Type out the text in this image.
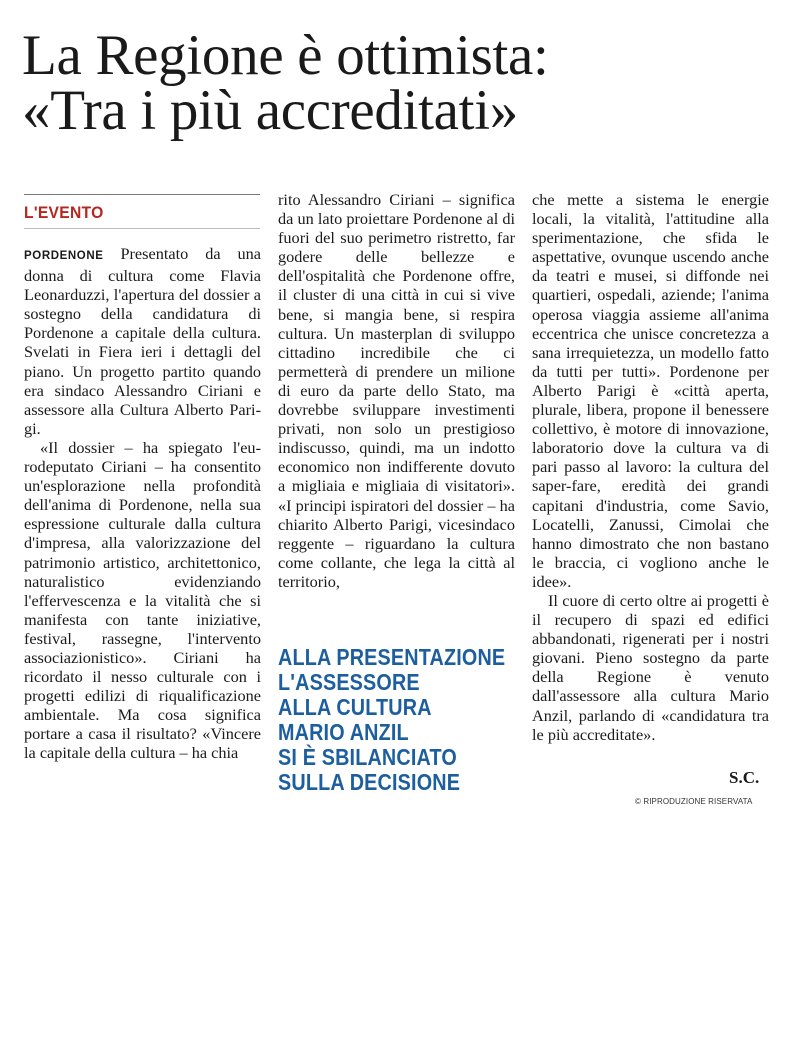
La Regione è ottimista:
«Tra i più accreditati»
L'EVENTO

PORDENONE Presentato da una donna di cultura come Flavia Leonarduzzi, l'apertura del dossier a sostegno della candidatura di Pordenone a capitale della cultura. Svelati in Fiera ieri i dettagli del piano. Un progetto partito quando era sindaco Alessandro Ciriani e assessore alla Cultura Alberto Parigi.

«Il dossier – ha spiegato l'eurodeputato Ciriani – ha consentito un'esplorazione nella profondità dell'anima di Pordenone, nella sua espressione culturale dalla cultura d'impresa, alla valorizzazione del patrimonio artistico, architettonico, naturalistico evidenziando l'effervescenza e la vitalità che si manifesta con tante iniziative, festival, rassegne, l'intervento associazionistico». Ciriani ha ricordato il nesso culturale con i progetti edilizi di riqualificazione ambientale. Ma cosa significa portare a casa il risultato? «Vincere la capitale della cultura – ha chia

rito Alessandro Ciriani – significa da un lato proiettare Pordenone al di fuori del suo perimetro ristretto, far godere delle bellezze e dell'ospitalità che Pordenone offre, il cluster di una città in cui si vive bene, si mangia bene, si respira cultura. Un masterplan di sviluppo cittadino incredibile che ci permetterà di prendere un milione di euro da parte dello Stato, ma dovrebbe sviluppare investimenti privati, non solo un prestigioso indiscusso, quindi, ma un indotto economico non indifferente dovuto a migliaia e migliaia di visitatori». «I principi ispiratori del dossier – ha chiarito Alberto Parigi, vicesindaco reggente – riguardano la cultura come collante, che lega la città al territorio,

ALLA PRESENTAZIONE
L'ASSESSORE
ALLA CULTURA
MARIO ANZIL
SI È SBILANCIATO
SULLA DECISIONE

che mette a sistema le energie locali, la vitalità, l'attitudine alla sperimentazione, che sfida le aspettative, ovunque uscendo anche da teatri e musei, si diffonde nei quartieri, ospedali, aziende; l'anima operosa viaggia assieme all'anima eccentrica che unisce concretezza a sana irrequietezza, un modello fatto da tutti per tutti». Pordenone per Alberto Parigi è «città aperta, plurale, libera, propone il benessere collettivo, è motore di innovazione, laboratorio dove la cultura va di pari passo al lavoro: la cultura del saper-fare, eredità dei grandi capitani d'industria, come Savio, Locatelli, Zanussi, Cimolai che hanno dimostrato che non bastano le braccia, ci vogliono anche le idee».

Il cuore di certo oltre ai progetti è il recupero di spazi ed edifici abbandonati, rigenerati per i nostri giovani. Pieno sostegno da parte della Regione è venuto dall'assessore alla cultura Mario Anzil, parlando di «candidatura tra le più accreditate».

S.C.
© RIPRODUZIONE RISERVATA
